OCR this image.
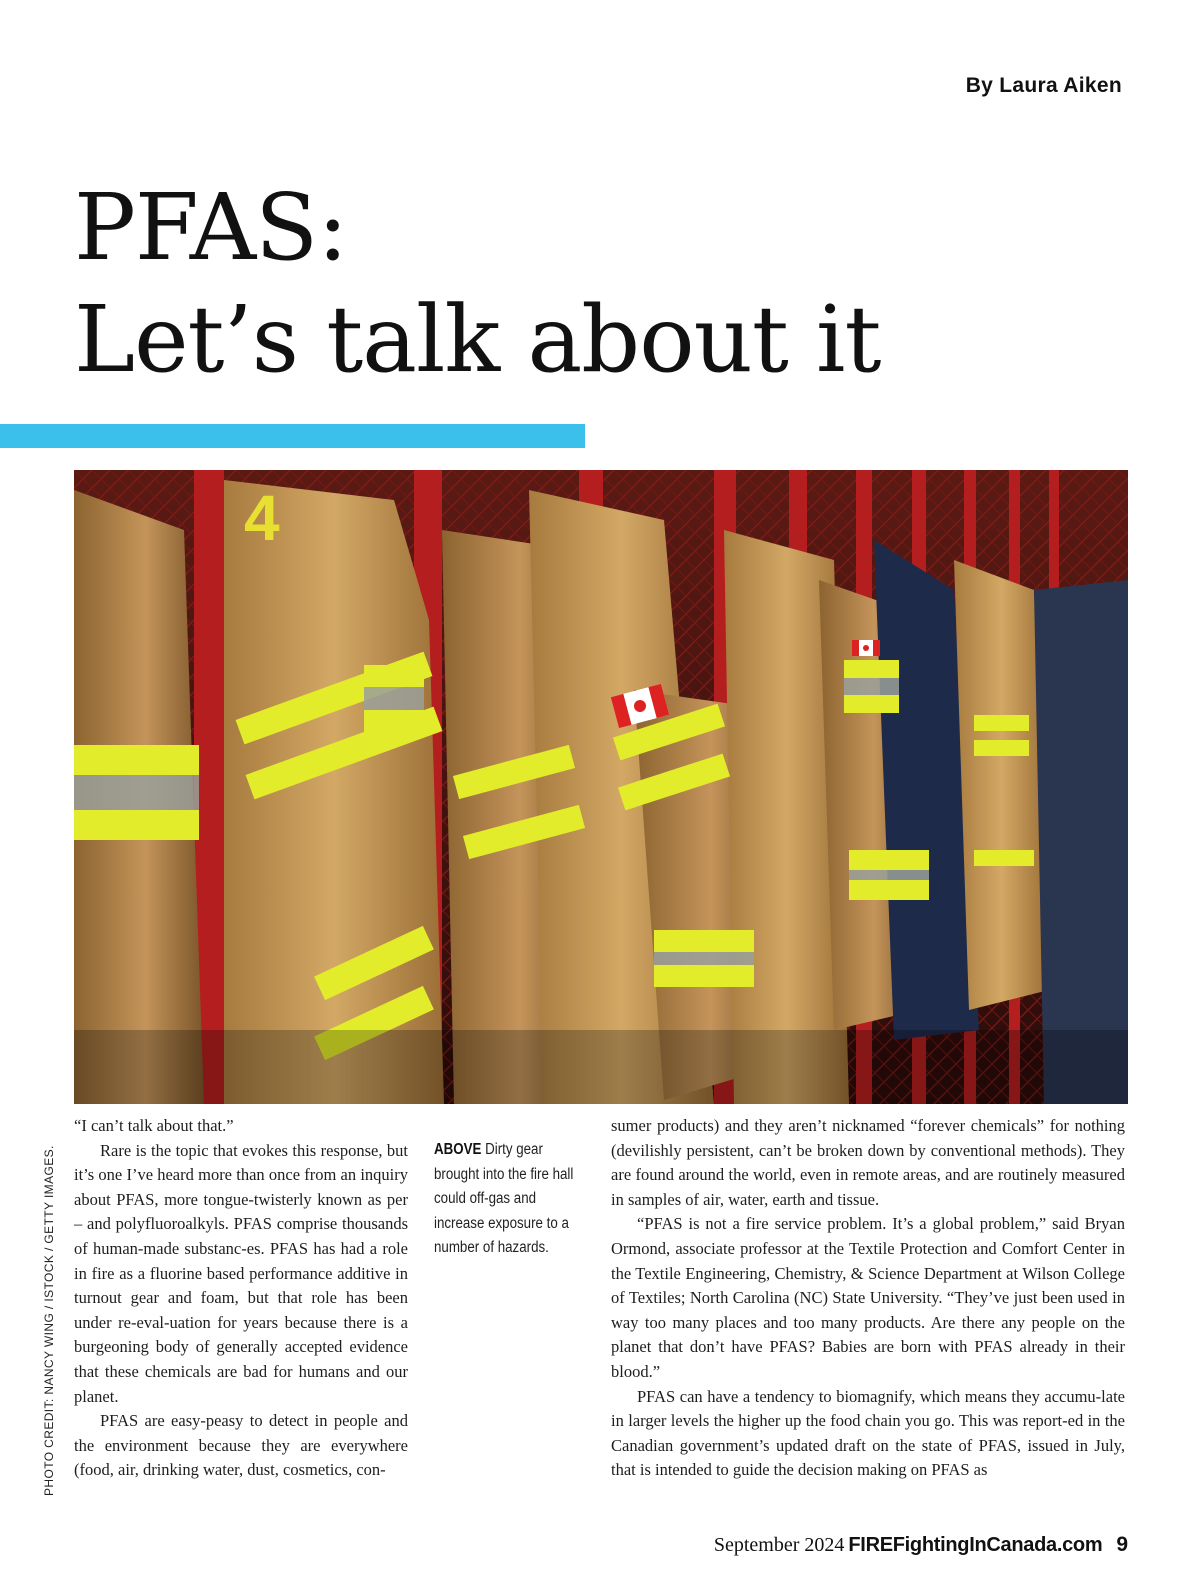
By Laura Aiken
PFAS:
Let’s talk about it
4
PHOTO CREDIT: NANCY WING / ISTOCK / GETTY IMAGES.

“I can’t talk about that.”

Rare is the topic that evokes this response, but it’s one I’ve heard more than once from an inquiry about PFAS, more tongue-twisterly known as per – and polyfluoroalkyls. PFAS comprise thousands of human-made substanc-es. PFAS has had a role in fire as a fluorine based performance additive in turnout gear and foam, but that role has been under re-eval-uation for years because there is a burgeoning body of generally accepted evidence that these chemicals are bad for humans and our planet.

PFAS are easy-peasy to detect in people and the environment because they are everywhere (food, air, drinking water, dust, cosmetics, con-

ABOVE Dirty gear brought into the fire hall could off-gas and increase exposure to a number of hazards.

sumer products) and they aren’t nicknamed “forever chemicals” for nothing (devilishly persistent, can’t be broken down by conventional methods). They are found around the world, even in remote areas, and are routinely measured in samples of air, water, earth and tissue.

“PFAS is not a fire service problem. It’s a global problem,” said Bryan Ormond, associate professor at the Textile Protection and Comfort Center in the Textile Engineering, Chemistry, & Science Department at Wilson College of Textiles; North Carolina (NC) State University. “They’ve just been used in way too many places and too many products. Are there any people on the planet that don’t have PFAS? Babies are born with PFAS already in their blood.”

PFAS can have a tendency to biomagnify, which means they accumu-late in larger levels the higher up the food chain you go. This was report-ed in the Canadian government’s updated draft on the state of PFAS, issued in July, that is intended to guide the decision making on PFAS as

September 2024 FIREFightingInCanada.com 9
